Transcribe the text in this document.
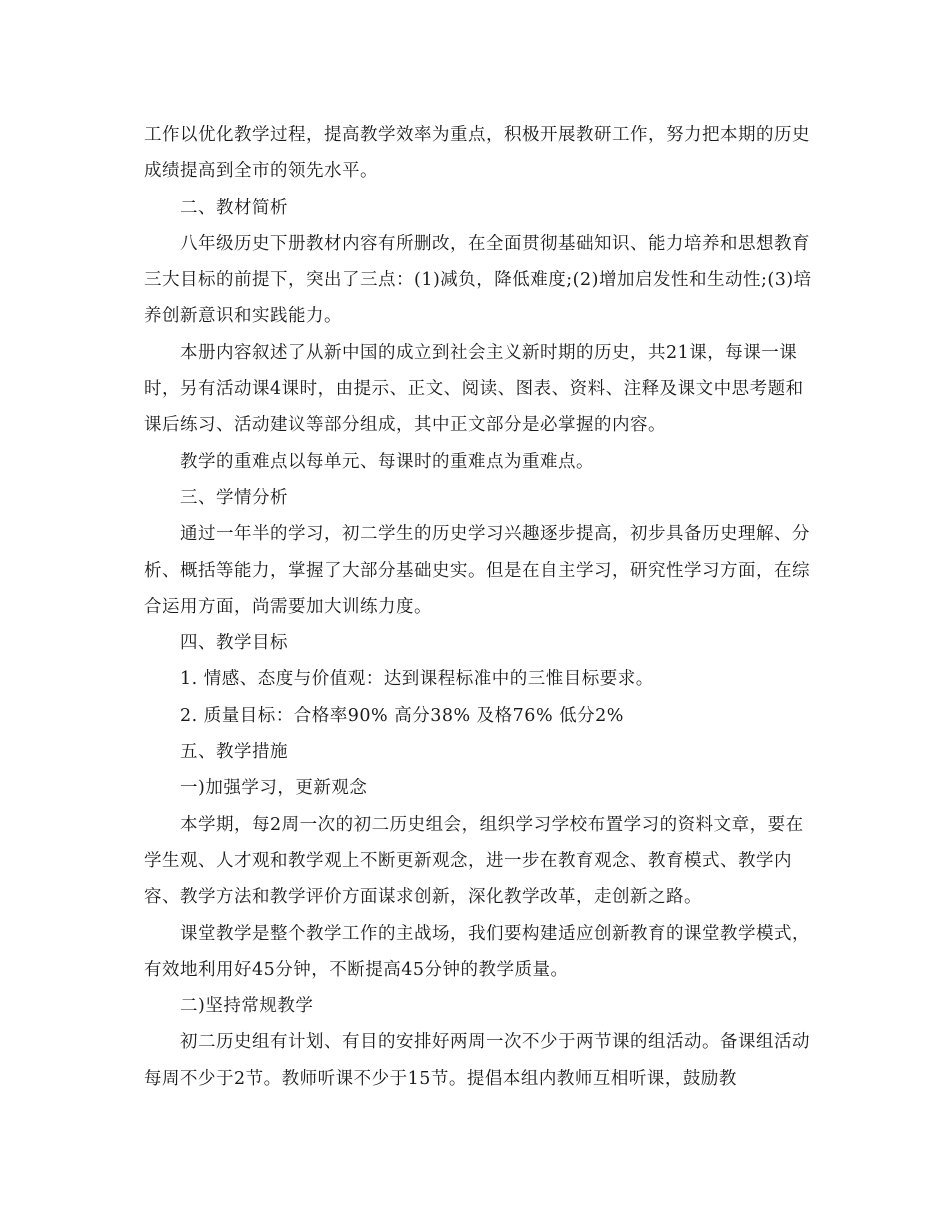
工作以优化教学过程，提高教学效率为重点，积极开展教研工作，努力把本期的历史成绩提高到全市的领先水平。

二、教材简析

八年级历史下册教材内容有所删改，在全面贯彻基础知识、能力培养和思想教育三大目标的前提下，突出了三点：(1)减负，降低难度;(2)增加启发性和生动性;(3)培养创新意识和实践能力。

本册内容叙述了从新中国的成立到社会主义新时期的历史，共21课，每课一课时，另有活动课4课时，由提示、正文、阅读、图表、资料、注释及课文中思考题和课后练习、活动建议等部分组成，其中正文部分是必掌握的内容。

教学的重难点以每单元、每课时的重难点为重难点。

三、学情分析

通过一年半的学习，初二学生的历史学习兴趣逐步提高，初步具备历史理解、分析、概括等能力，掌握了大部分基础史实。但是在自主学习，研究性学习方面，在综合运用方面，尚需要加大训练力度。

四、教学目标

1. 情感、态度与价值观：达到课程标准中的三惟目标要求。

2. 质量目标：合格率90% 高分38% 及格76% 低分2%

五、教学措施

一)加强学习，更新观念

本学期，每2周一次的初二历史组会，组织学习学校布置学习的资料文章，要在学生观、人才观和教学观上不断更新观念，进一步在教育观念、教育模式、教学内容、教学方法和教学评价方面谋求创新，深化教学改革，走创新之路。

课堂教学是整个教学工作的主战场，我们要构建适应创新教育的课堂教学模式，有效地利用好45分钟，不断提高45分钟的教学质量。

二)坚持常规教学

初二历史组有计划、有目的安排好两周一次不少于两节课的组活动。备课组活动每周不少于2节。教师听课不少于15节。提倡本组内教师互相听课，鼓励教
